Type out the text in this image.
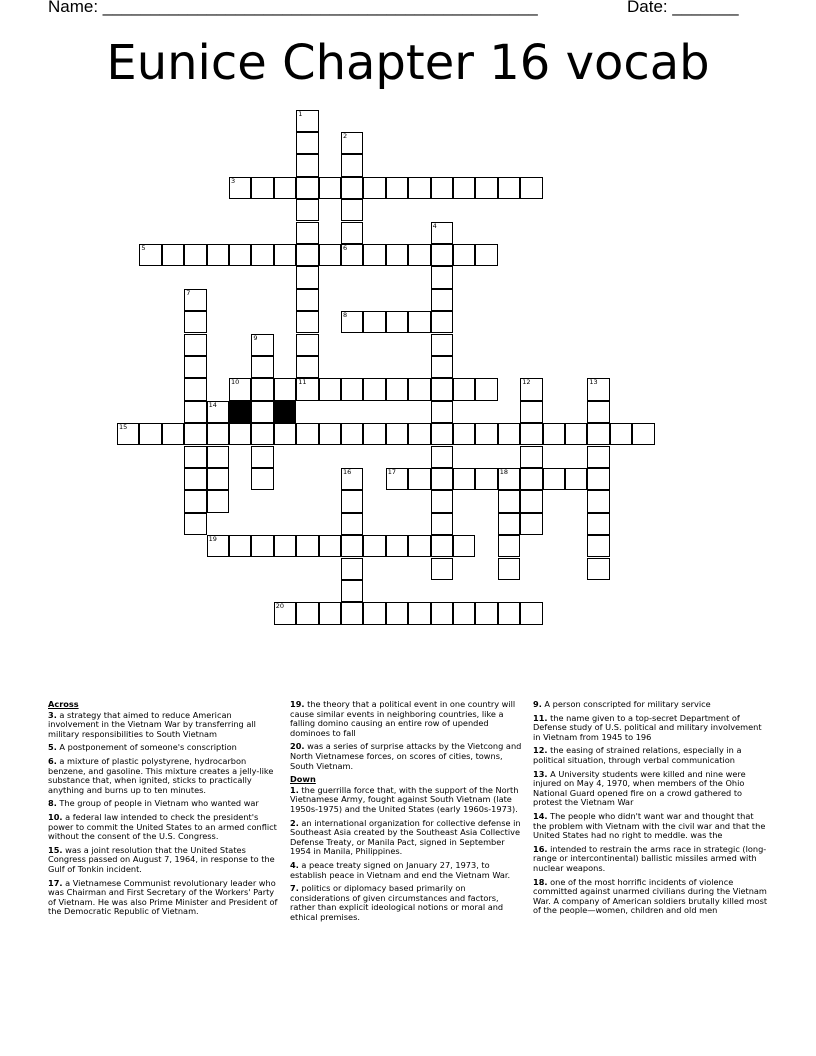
Name: ______________________________________________	Date: _______
Eunice Chapter 16 vocab
1
11
2
6
3
4
5
7
8
9
10	12	13
14
15
16	17	18
19
20
Across
3. a strategy that aimed to reduce American involvement in the Vietnam War by transferring all military responsibilities to South Vietnam
5. A postponement of someone's conscription
6. a mixture of plastic polystyrene, hydrocarbon benzene, and gasoline. This mixture creates a jelly-like substance that, when ignited, sticks to practically anything and burns up to ten minutes.
8. The group of people in Vietnam who wanted war
10. a federal law intended to check the president's power to commit the United States to an armed conflict without the consent of the U.S. Congress.
15. was a joint resolution that the United States Congress passed on August 7, 1964, in response to the Gulf of Tonkin incident.
17. a Vietnamese Communist revolutionary leader who was Chairman and First Secretary of the Workers' Party of Vietnam. He was also Prime Minister and President of the Democratic Republic of Vietnam.
19. the theory that a political event in one country will cause similar events in neighboring countries, like a falling domino causing an entire row of upended dominoes to fall
20. was a series of surprise attacks by the Vietcong and North Vietnamese forces, on scores of cities, towns, South Vietnam.
Down
1. the guerrilla force that, with the support of the North Vietnamese Army, fought against South Vietnam (late 1950s-1975) and the United States (early 1960s-1973).
2. an international organization for collective defense in Southeast Asia created by the Southeast Asia Collective Defense Treaty, or Manila Pact, signed in September 1954 in Manila, Philippines.
4. a peace treaty signed on January 27, 1973, to establish peace in Vietnam and end the Vietnam War.
7. politics or diplomacy based primarily on considerations of given circumstances and factors, rather than explicit ideological notions or moral and ethical premises.
9. A person conscripted for military service
11. the name given to a top-secret Department of Defense study of U.S. political and military involvement in Vietnam from 1945 to 196
12. the easing of strained relations, especially in a political situation, through verbal communication
13. A University students were killed and nine were injured on May 4, 1970, when members of the Ohio National Guard opened fire on a crowd gathered to protest the Vietnam War
14. The people who didn't want war and thought that the problem with Vietnam with the civil war and that the United States had no right to meddle. was the
16. intended to restrain the arms race in strategic (long-range or intercontinental) ballistic missiles armed with nuclear weapons.
18. one of the most horrific incidents of violence committed against unarmed civilians during the Vietnam War. A company of American soldiers brutally killed most of the people—women, children and old men
